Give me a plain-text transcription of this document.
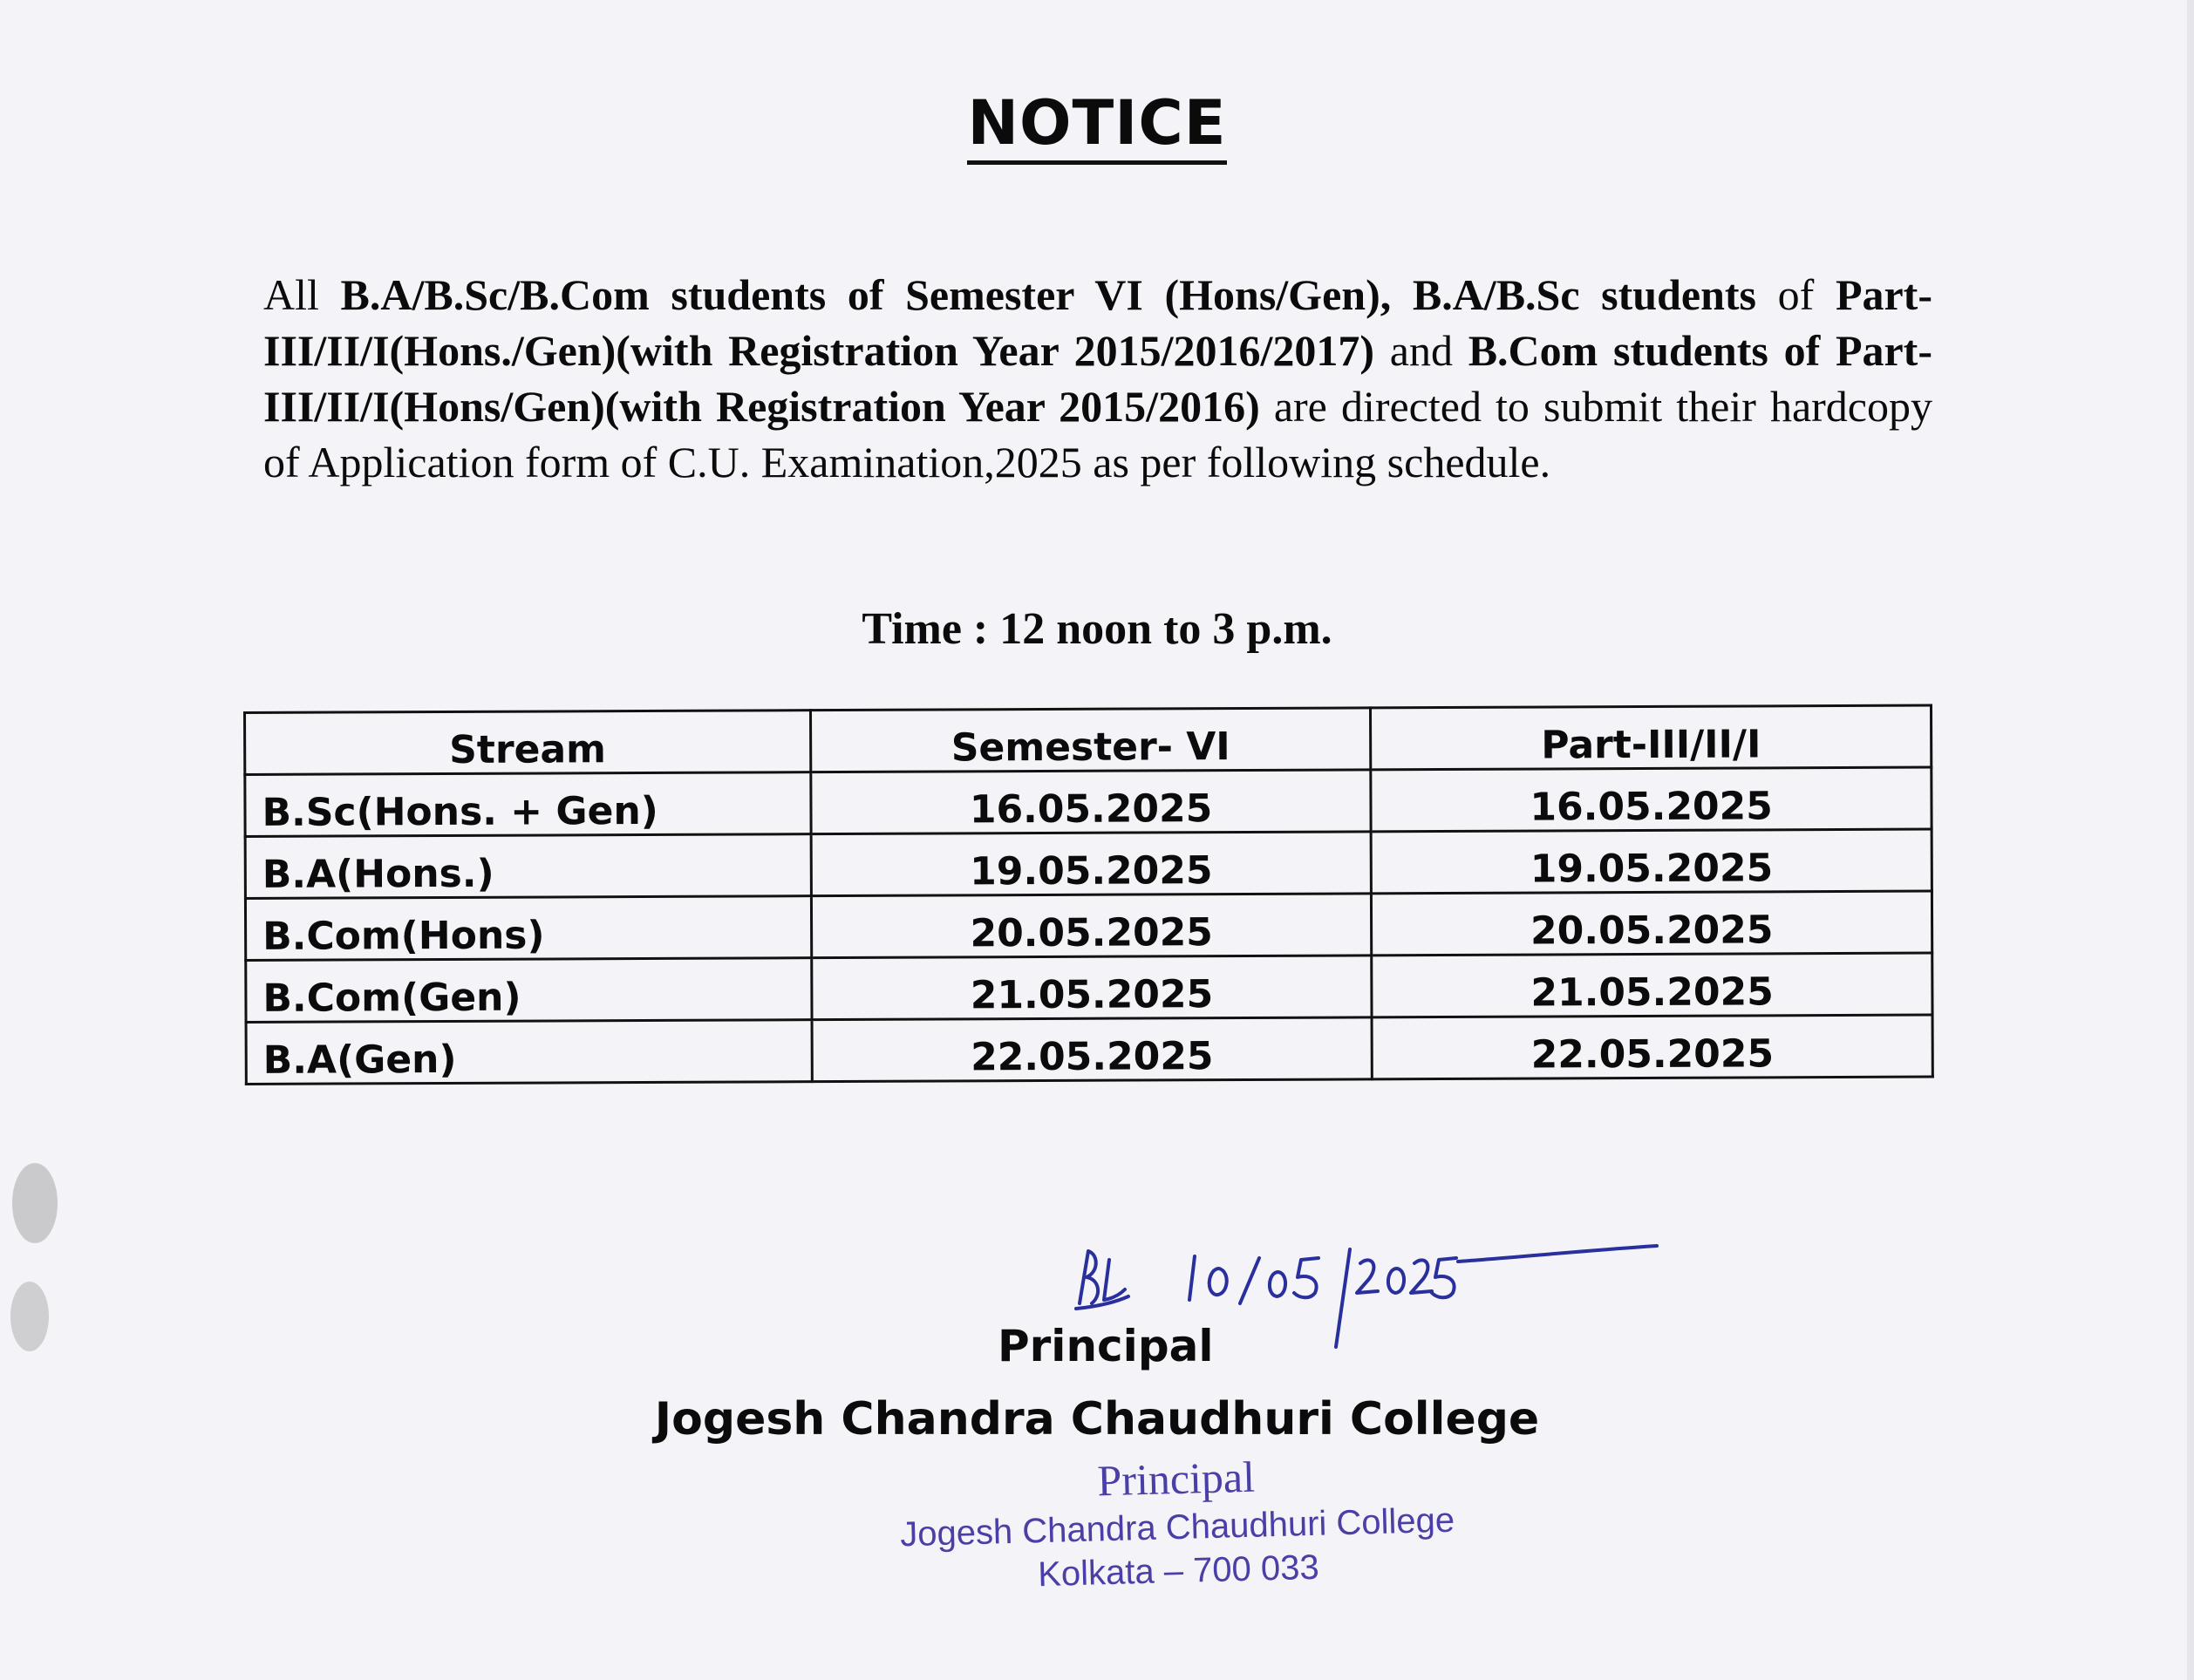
NOTICE
All B.A/B.Sc/B.Com students of Semester VI (Hons/Gen), B.A/B.Sc students of Part-III/II/I(Hons./Gen)(with Registration Year 2015/2016/2017) and B.Com students of Part-III/II/I(Hons/Gen)(with Registration Year 2015/2016) are directed to submit their hardcopy of Application form of C.U. Examination,2025 as per following schedule.
Time : 12 noon to 3 p.m.
Stream	Semester- VI	Part-III/II/I
B.Sc(Hons. + Gen)	16.05.2025	16.05.2025
B.A(Hons.)	19.05.2025	19.05.2025
B.Com(Hons)	20.05.2025	20.05.2025
B.Com(Gen)	21.05.2025	21.05.2025
B.A(Gen)	22.05.2025	22.05.2025
Principal
Jogesh Chandra Chaudhuri College
Principal
Jogesh Chandra Chaudhuri College
Kolkata – 700 033
